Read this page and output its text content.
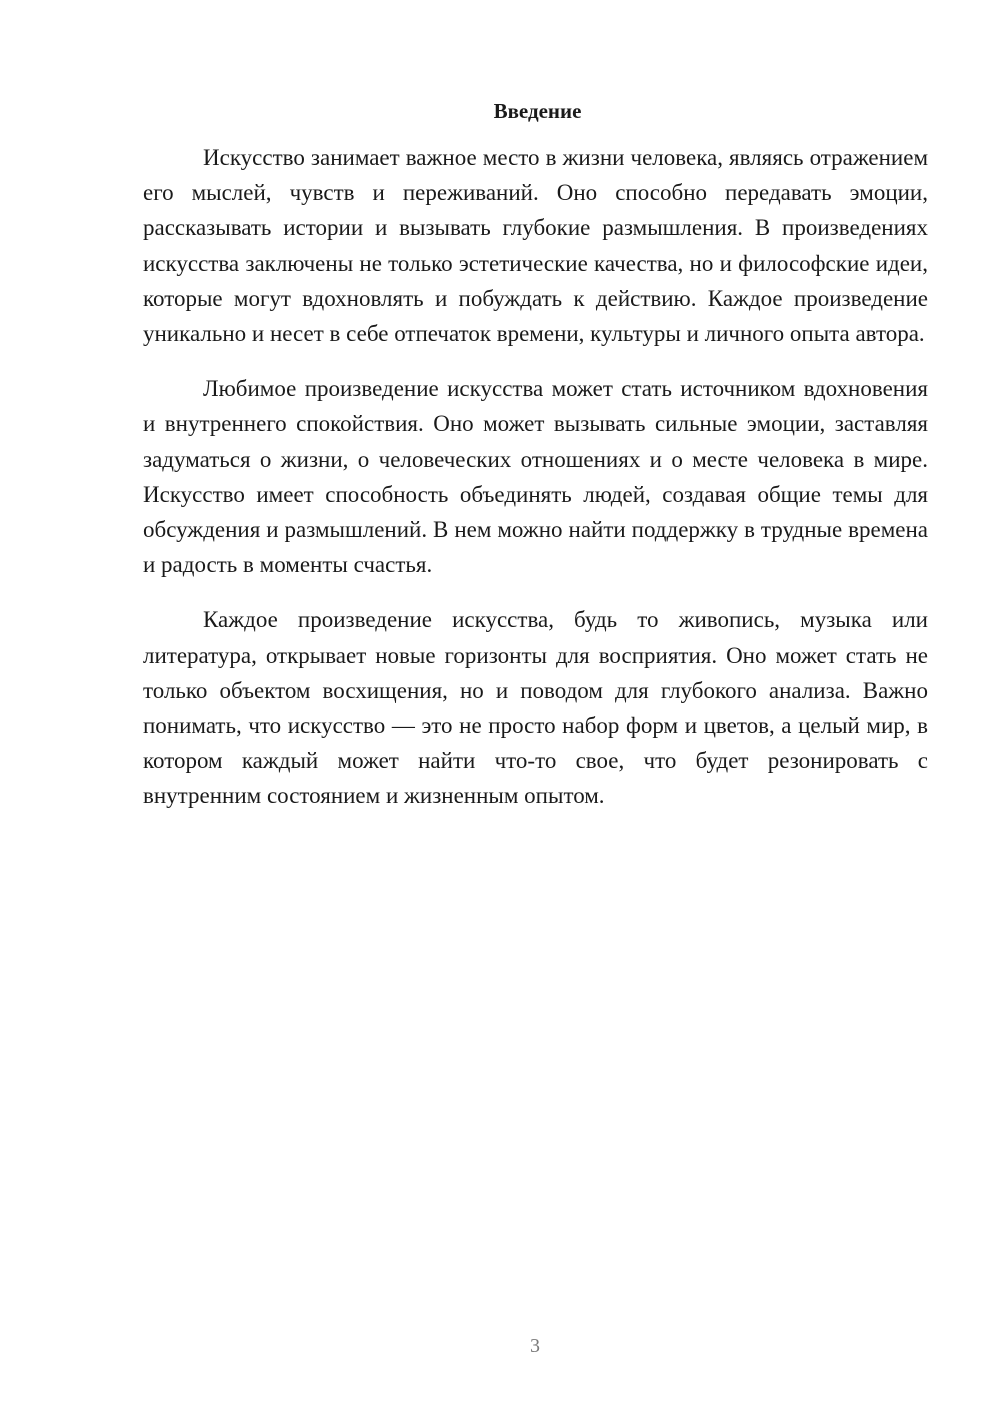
Введение

Искусство занимает важное место в жизни человека, являясь отражением его мыслей, чувств и переживаний. Оно способно передавать эмоции, рассказывать истории и вызывать глубокие размышления. В произведениях искусства заключены не только эстетические качества, но и философские идеи, которые могут вдохновлять и побуждать к действию. Каждое произведение уникально и несет в себе отпечаток времени, культуры и личного опыта автора.

Любимое произведение искусства может стать источником вдохновения и внутреннего спокойствия. Оно может вызывать сильные эмоции, заставляя задуматься о жизни, о человеческих отношениях и о месте человека в мире. Искусство имеет способность объединять людей, создавая общие темы для обсуждения и размышлений. В нем можно найти поддержку в трудные времена и радость в моменты счастья.

Каждое произведение искусства, будь то живопись, музыка или литература, открывает новые горизонты для восприятия. Оно может стать не только объектом восхищения, но и поводом для глубокого анализа. Важно понимать, что искусство — это не просто набор форм и цветов, а целый мир, в котором каждый может найти что-то свое, что будет резонировать с внутренним состоянием и жизненным опытом.

3
